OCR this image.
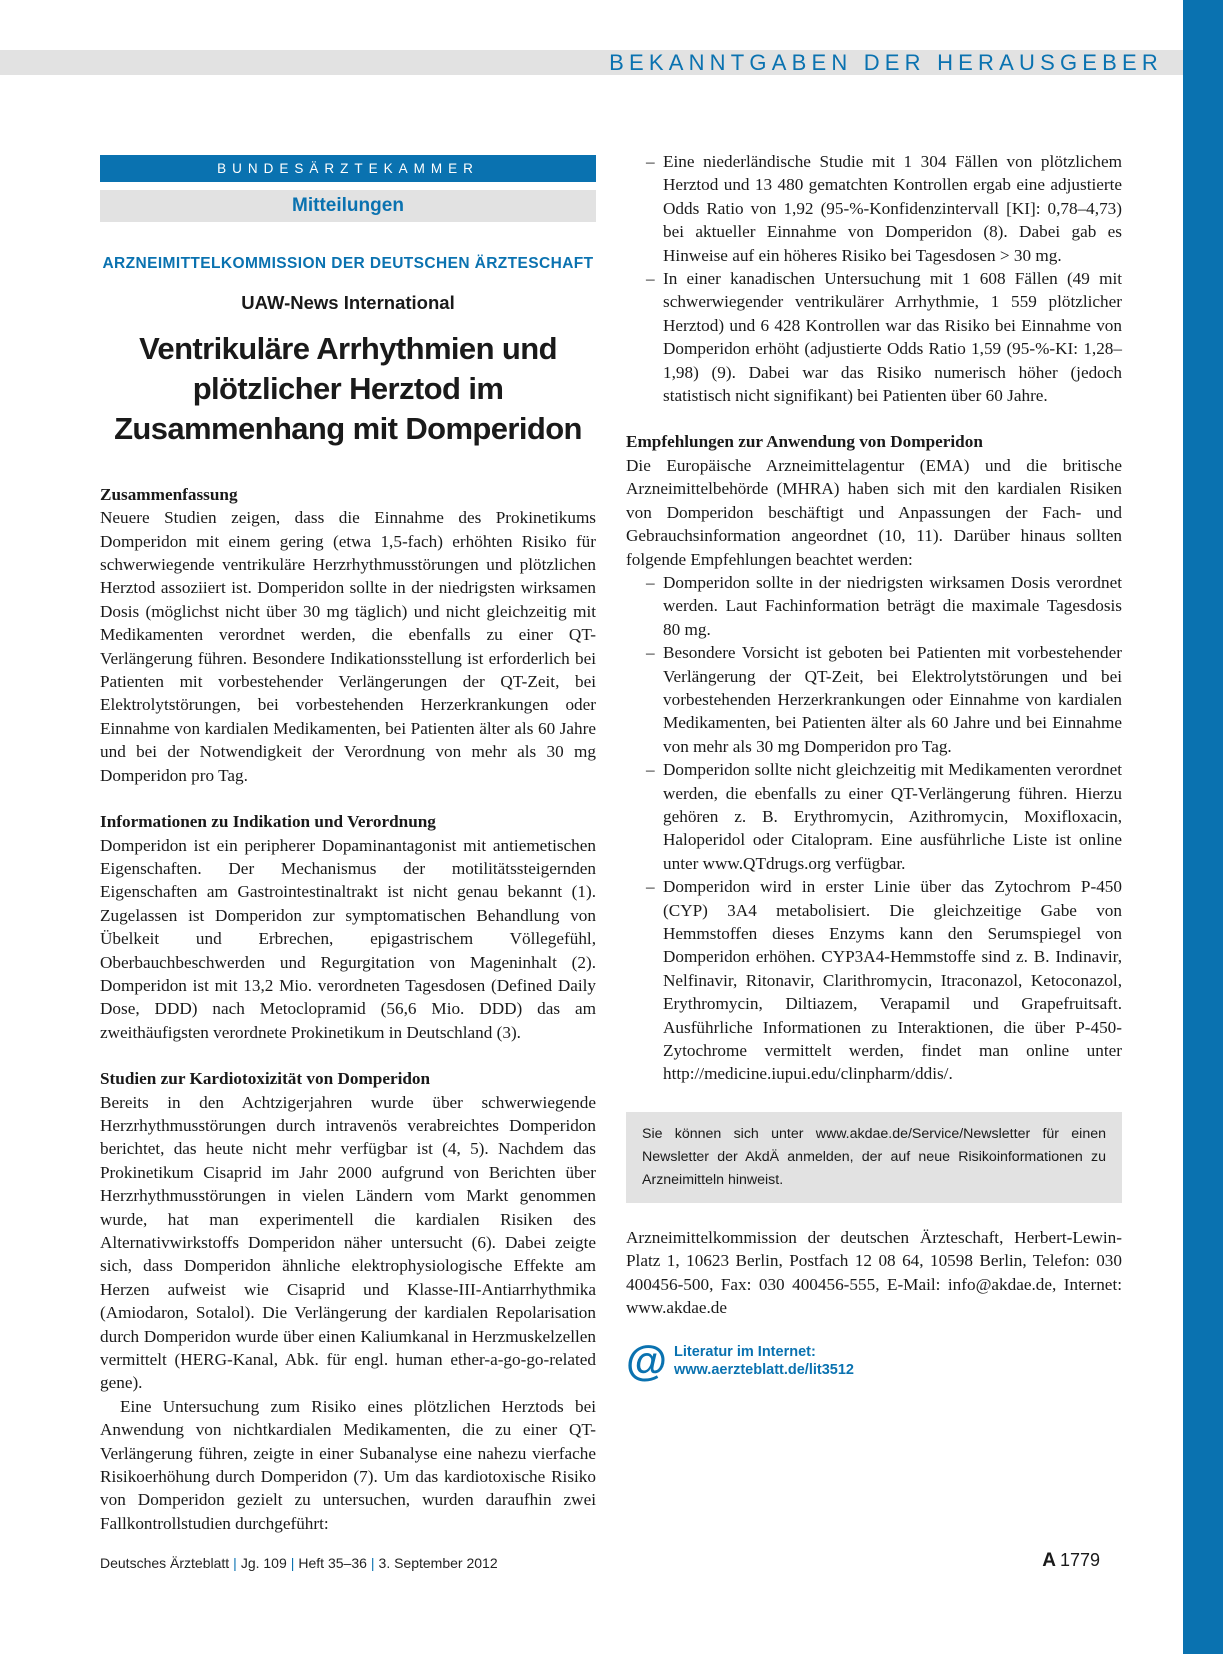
BEKANNTGABEN DER HERAUSGEBER
BUNDESÄRZTEKAMMER
Mitteilungen
ARZNEIMITTELKOMMISSION DER DEUTSCHEN ÄRZTESCHAFT
UAW-News International
Ventrikuläre Arrhythmien und
plötzlicher Herztod im
Zusammenhang mit Domperidon
Zusammenfassung

Neuere Studien zeigen, dass die Einnahme des Prokinetikums Domperidon mit einem gering (etwa 1,5-fach) erhöhten Risiko für schwerwiegende ventrikuläre Herzrhythmusstörungen und plötzlichen Herztod assoziiert ist. Domperidon sollte in der niedrigsten wirksamen Dosis (möglichst nicht über 30 mg täglich) und nicht gleichzeitig mit Medikamenten verordnet werden, die ebenfalls zu einer QT-Verlängerung führen. Besondere Indikationsstellung ist erforderlich bei Patienten mit vorbestehender Verlängerungen der QT-Zeit, bei Elektrolytstörungen, bei vorbestehenden Herzerkrankungen oder Einnahme von kardialen Medikamenten, bei Patienten älter als 60 Jahre und bei der Notwendigkeit der Verordnung von mehr als 30 mg Domperidon pro Tag.

Informationen zu Indikation und Verordnung

Domperidon ist ein peripherer Dopaminantagonist mit antiemetischen Eigenschaften. Der Mechanismus der motilitätssteigernden Eigenschaften am Gastrointestinaltrakt ist nicht genau bekannt (1). Zugelassen ist Domperidon zur symptomatischen Behandlung von Übelkeit und Erbrechen, epigastrischem Völlegefühl, Oberbauchbeschwerden und Regurgitation von Mageninhalt (2). Domperidon ist mit 13,2 Mio. verordneten Tagesdosen (Defined Daily Dose, DDD) nach Metoclopramid (56,6 Mio. DDD) das am zweithäufigsten verordnete Prokinetikum in Deutschland (3).

Studien zur Kardiotoxizität von Domperidon

Bereits in den Achtzigerjahren wurde über schwerwiegende Herzrhythmusstörungen durch intravenös verabreichtes Domperidon berichtet, das heute nicht mehr verfügbar ist (4, 5). Nachdem das Prokinetikum Cisaprid im Jahr 2000 aufgrund von Berichten über Herzrhythmusstörungen in vielen Ländern vom Markt genommen wurde, hat man experimentell die kardialen Risiken des Alternativwirkstoffs Domperidon näher untersucht (6). Dabei zeigte sich, dass Domperidon ähnliche elektrophysiologische Effekte am Herzen aufweist wie Cisaprid und Klasse-III-Antiarrhythmika (Amiodaron, Sotalol). Die Verlängerung der kardialen Repolarisation durch Domperidon wurde über einen Kaliumkanal in Herzmuskelzellen vermittelt (HERG-Kanal, Abk. für engl. human ether-a-go-go-related gene).

Eine Untersuchung zum Risiko eines plötzlichen Herztods bei Anwendung von nichtkardialen Medikamenten, die zu einer QT-Verlängerung führen, zeigte in einer Subanalyse eine nahezu vierfache Risikoerhöhung durch Domperidon (7). Um das kardiotoxische Risiko von Domperidon gezielt zu untersuchen, wurden daraufhin zwei Fallkontrollstudien durchgeführt:

– Eine niederländische Studie mit 1 304 Fällen von plötzlichem Herztod und 13 480 gematchten Kontrollen ergab eine adjustierte Odds Ratio von 1,92 (95-%-Konfidenzintervall [KI]: 0,78–4,73) bei aktueller Einnahme von Domperidon (8). Dabei gab es Hinweise auf ein höheres Risiko bei Tagesdosen > 30 mg.
– In einer kanadischen Untersuchung mit 1 608 Fällen (49 mit schwerwiegender ventrikulärer Arrhythmie, 1 559 plötzlicher Herztod) und 6 428 Kontrollen war das Risiko bei Einnahme von Domperidon erhöht (adjustierte Odds Ratio 1,59 (95-%-KI: 1,28–1,98) (9). Dabei war das Risiko numerisch höher (jedoch statistisch nicht signifikant) bei Patienten über 60 Jahre.
Empfehlungen zur Anwendung von Domperidon

Die Europäische Arzneimittelagentur (EMA) und die britische Arzneimittelbehörde (MHRA) haben sich mit den kardialen Risiken von Domperidon beschäftigt und Anpassungen der Fach- und Gebrauchsinformation angeordnet (10, 11). Darüber hinaus sollten folgende Empfehlungen beachtet werden:

– Domperidon sollte in der niedrigsten wirksamen Dosis verordnet werden. Laut Fachinformation beträgt die maximale Tagesdosis 80 mg.
– Besondere Vorsicht ist geboten bei Patienten mit vorbestehender Verlängerung der QT-Zeit, bei Elektrolytstörungen und bei vorbestehenden Herzerkrankungen oder Einnahme von kardialen Medikamenten, bei Patienten älter als 60 Jahre und bei Einnahme von mehr als 30 mg Domperidon pro Tag.
– Domperidon sollte nicht gleichzeitig mit Medikamenten verordnet werden, die ebenfalls zu einer QT-Verlängerung führen. Hierzu gehören z. B. Erythromycin, Azithromycin, Moxifloxacin, Haloperidol oder Citalopram. Eine ausführliche Liste ist online unter www.QTdrugs.org verfügbar.
– Domperidon wird in erster Linie über das Zytochrom P-450 (CYP) 3A4 metabolisiert. Die gleichzeitige Gabe von Hemmstoffen dieses Enzyms kann den Serumspiegel von Domperidon erhöhen. CYP3A4-Hemmstoffe sind z. B. Indinavir, Nelfinavir, Ritonavir, Clarithromycin, Itraconazol, Ketoconazol, Erythromycin, Diltiazem, Verapamil und Grapefruitsaft. Ausführliche Informationen zu Interaktionen, die über P-450-Zytochrome vermittelt werden, findet man online unter http://medicine.iupui.edu/clinpharm/ddis/.
Sie können sich unter www.akdae.de/Service/Newsletter für einen Newsletter der AkdÄ anmelden, der auf neue Risikoinformationen zu Arzneimitteln hinweist.

Arzneimittelkommission der deutschen Ärzteschaft, Herbert-Lewin-Platz 1, 10623 Berlin, Postfach 12 08 64, 10598 Berlin, Telefon: 030 400456-500, Fax: 030 400456-555, E-Mail: info@akdae.de, Internet: www.akdae.de

@ Literatur im Internet:
www.aerzteblatt.de/lit3512
Deutsches Ärzteblatt | Jg. 109 | Heft 35–36 | 3. September 2012	A 1779
